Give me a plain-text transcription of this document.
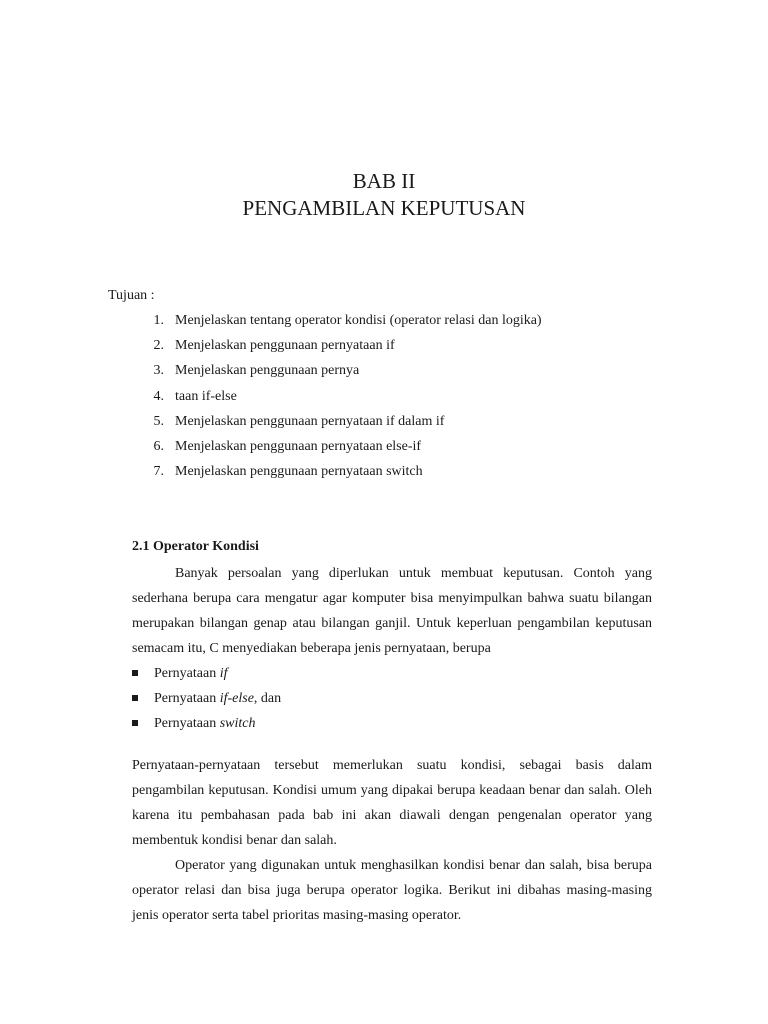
BAB II
PENGAMBILAN KEPUTUSAN
Tujuan :
1. Menjelaskan tentang operator kondisi (operator relasi dan logika)
2. Menjelaskan penggunaan pernyataan if
3. Menjelaskan penggunaan pernya
4. taan if-else
5. Menjelaskan penggunaan pernyataan if dalam if
6. Menjelaskan penggunaan pernyataan else-if
7. Menjelaskan penggunaan pernyataan switch
2.1 Operator Kondisi

Banyak persoalan yang diperlukan untuk membuat keputusan. Contoh yang sederhana berupa cara mengatur agar komputer bisa menyimpulkan bahwa suatu bilangan merupakan bilangan genap atau bilangan ganjil. Untuk keperluan pengambilan keputusan semacam itu, C menyediakan beberapa jenis pernyataan, berupa

Pernyataan if
Pernyataan if-else, dan
Pernyataan switch

Pernyataan-pernyataan tersebut memerlukan suatu kondisi, sebagai basis dalam pengambilan keputusan. Kondisi umum yang dipakai berupa keadaan benar dan salah. Oleh karena itu pembahasan pada bab ini akan diawali dengan pengenalan operator yang membentuk kondisi benar dan salah.

Operator yang digunakan untuk menghasilkan kondisi benar dan salah, bisa berupa operator relasi dan bisa juga berupa operator logika. Berikut ini dibahas masing-masing jenis operator serta tabel prioritas masing-masing operator.
